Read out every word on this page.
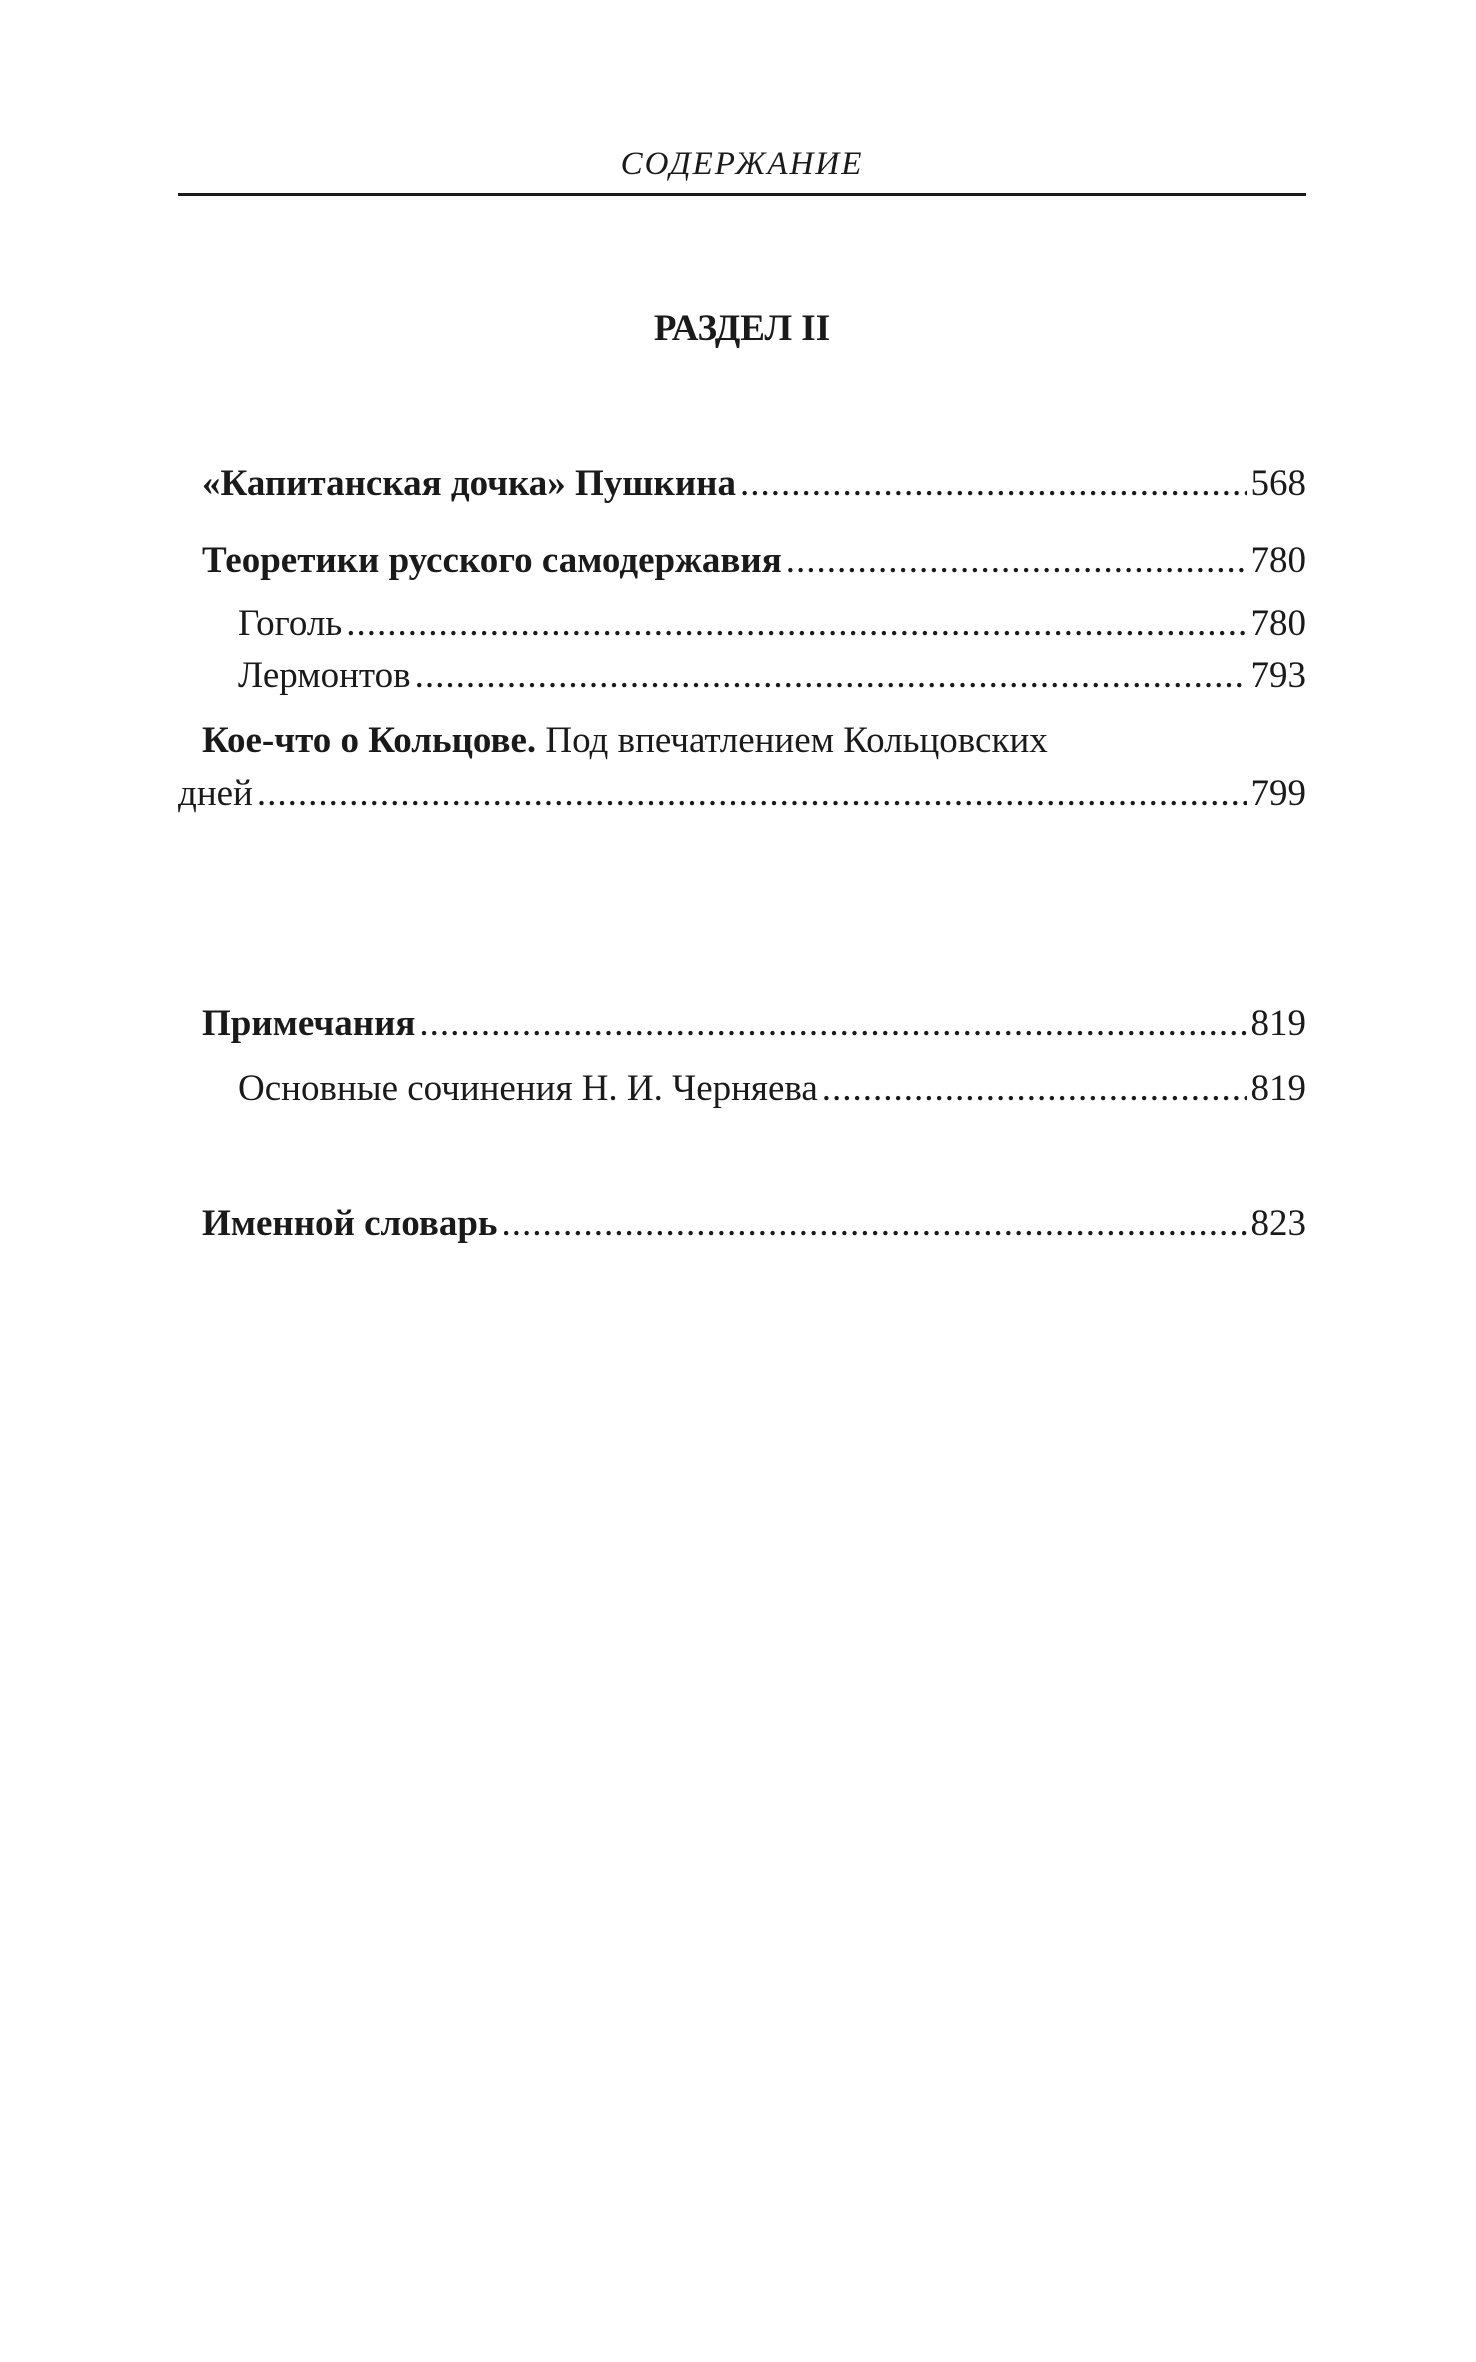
СОДЕРЖАНИЕ
РАЗДЕЛ II
«Капитанская дочка» Пушкина .....	568
Теоретики русского самодержавия .....	780
Гоголь .....	780
Лермонтов .....	793
Кое-что о Кольцове. Под впечатлением Кольцовских
дней .....	799
Примечания .....	819
Основные сочинения Н. И. Черняева .....	819
Именной словарь .....	823
